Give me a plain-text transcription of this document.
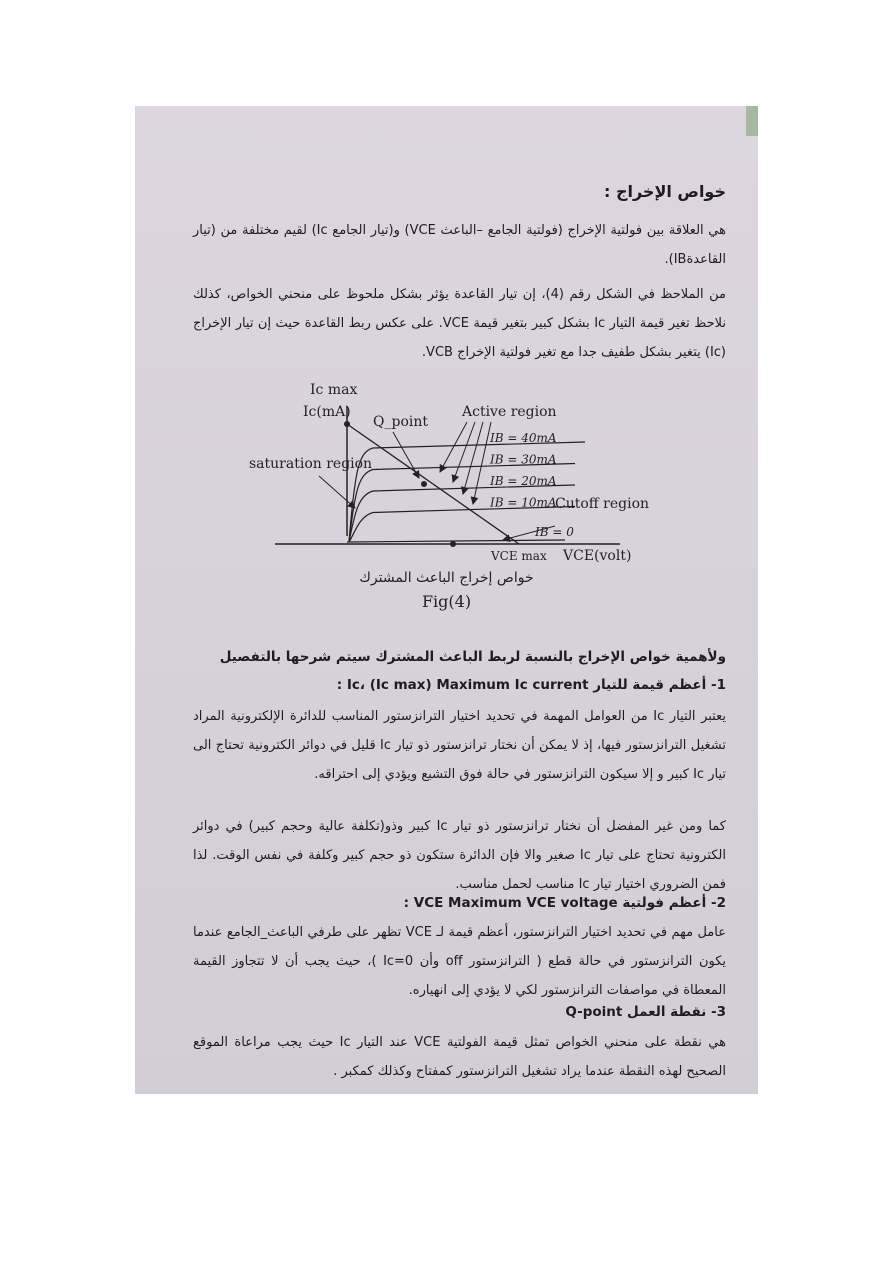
خواص الإخراج :
هي العلاقة بين فولتية الإخراج (فولتية الجامع –الباعث VCE) و(تيار الجامع Ic) لقيم مختلفة من (تيار القاعدةIB).
من الملاحظ في الشكل رقم (4)، إن تيار القاعدة يؤثر بشكل ملحوظ على منحني الخواص، كذلك نلاحظ تغير قيمة التيار Ic بشكل كبير بتغير قيمة VCE. على عكس ربط القاعدة حيث إن تيار الإخراج (Ic) يتغير بشكل طفيف جدا مع تغير فولتية الإخراج VCB.
Ic max
Ic(mA)
VCE(volt)
VCE max
IB = 40mA
IB = 30mA
IB = 20mA
IB = 10mA
IB = 0
Q_point
Active region
saturation region
Cutoff region
خواص إخراج الباعث المشترك
Fig(4)
ولأهمية خواص الإخراج بالنسبة لربط الباعث المشترك سيتم شرحها بالتفصيل
1- أعظم قيمة للتيار Ic، (Ic max) Maximum Ic current :
يعتبر التيار Ic من العوامل المهمة في تحديد اختيار الترانزستور المناسب للدائرة الإلكترونية المراد تشغيل الترانزستور فيها، إذ لا يمكن أن نختار ترانزستور ذو تيار Ic قليل في دوائر الكترونية تحتاج الى تيار Ic كبير و إلا سيكون الترانزستور في حالة فوق التشبع ويؤدي إلى احتراقه.
كما ومن غير المفضل أن نختار ترانزستور ذو تيار Ic كبير وذو(تكلفة عالية وحجم كبير) في دوائر الكترونية تحتاج على تيار Ic صغير والا فإن الدائرة ستكون ذو حجم كبير وكلفة في نفس الوقت. لذا فمن الضروري اختيار تيار Ic مناسب لحمل مناسب.
2- أعظم فولتية VCE Maximum VCE voltage :
عامل مهم في تحديد اختيار الترانزستور، أعظم قيمة لـ VCE تظهر على طرفي الباعث_الجامع عندما يكون الترانزستور في حالة قطع ( الترانزستور off وأن Ic=0 )، حيث يجب أن لا تتجاوز القيمة المعطاة في مواصفات الترانزستور لكي لا يؤدي إلى انهياره.
3- نقطة العمل Q-point
هي نقطة على منحني الخواص تمثل قيمة الفولتية VCE عند التيار Ic حيث يجب مراعاة الموقع الصحيح لهذه النقطة عندما يراد تشغيل الترانزستور كمفتاح وكذلك كمكبر .
